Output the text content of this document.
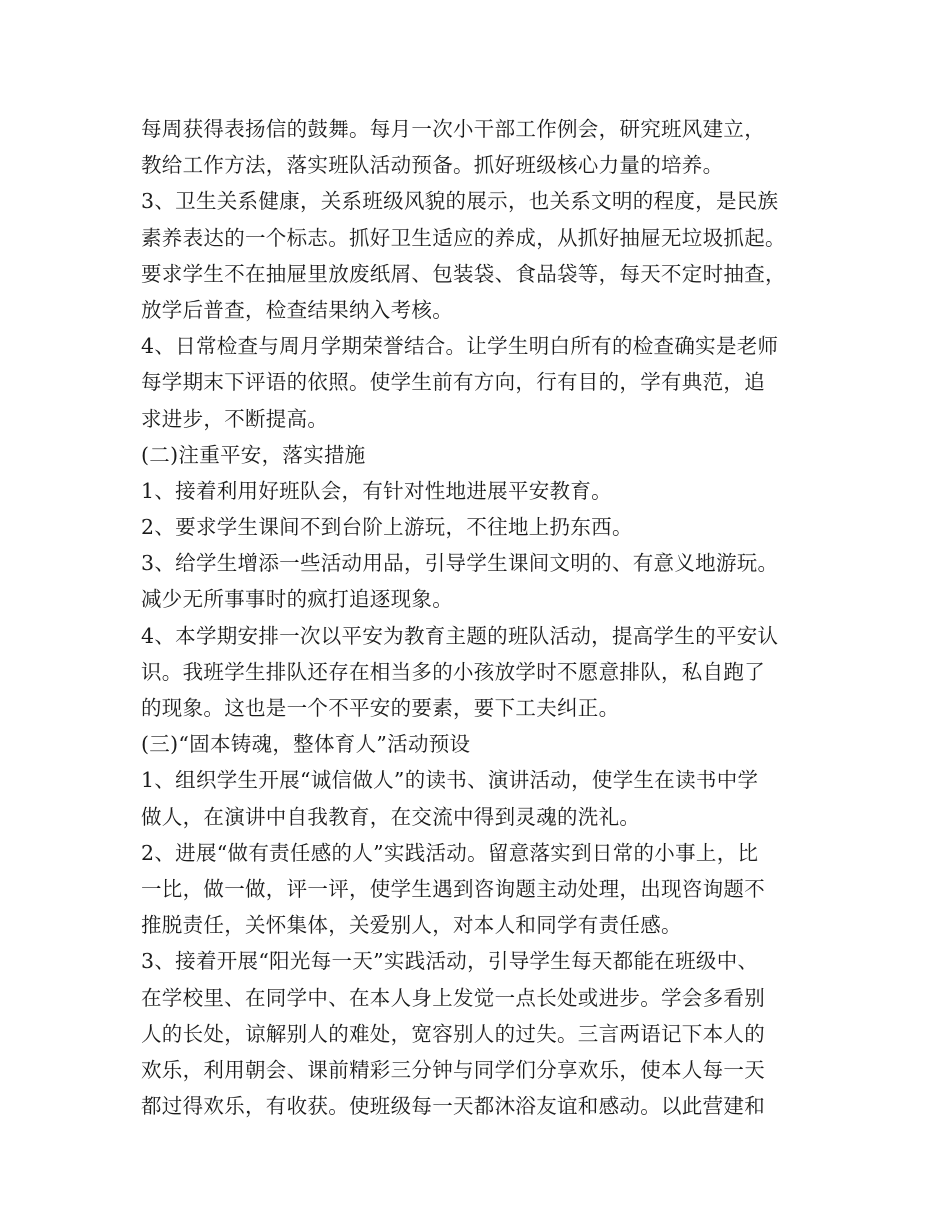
每周获得表扬信的鼓舞。每月一次小干部工作例会，研究班风建立，
教给工作方法，落实班队活动预备。抓好班级核心力量的培养。
3、卫生关系健康，关系班级风貌的展示，也关系文明的程度，是民族
素养表达的一个标志。抓好卫生适应的养成，从抓好抽屉无垃圾抓起。
要求学生不在抽屉里放废纸屑、包装袋、食品袋等，每天不定时抽查，
放学后普查，检查结果纳入考核。
4、日常检查与周月学期荣誉结合。让学生明白所有的检查确实是老师
每学期末下评语的依照。使学生前有方向，行有目的，学有典范，追
求进步，不断提高。
(二)注重平安，落实措施
1、接着利用好班队会，有针对性地进展平安教育。
2、要求学生课间不到台阶上游玩，不往地上扔东西。
3、给学生增添一些活动用品，引导学生课间文明的、有意义地游玩。
减少无所事事时的疯打追逐现象。
4、本学期安排一次以平安为教育主题的班队活动，提高学生的平安认
识。我班学生排队还存在相当多的小孩放学时不愿意排队，私自跑了
的现象。这也是一个不平安的要素，要下工夫纠正。
(三)“固本铸魂，整体育人”活动预设
1、组织学生开展“诚信做人”的读书、演讲活动，使学生在读书中学
做人，在演讲中自我教育，在交流中得到灵魂的洗礼。
2、进展“做有责任感的人”实践活动。留意落实到日常的小事上，比
一比，做一做，评一评，使学生遇到咨询题主动处理，出现咨询题不
推脱责任，关怀集体，关爱别人，对本人和同学有责任感。
3、接着开展“阳光每一天”实践活动，引导学生每天都能在班级中、
在学校里、在同学中、在本人身上发觉一点长处或进步。学会多看别
人的长处，谅解别人的难处，宽容别人的过失。三言两语记下本人的
欢乐，利用朝会、课前精彩三分钟与同学们分享欢乐，使本人每一天
都过得欢乐，有收获。使班级每一天都沐浴友谊和感动。以此营建和
